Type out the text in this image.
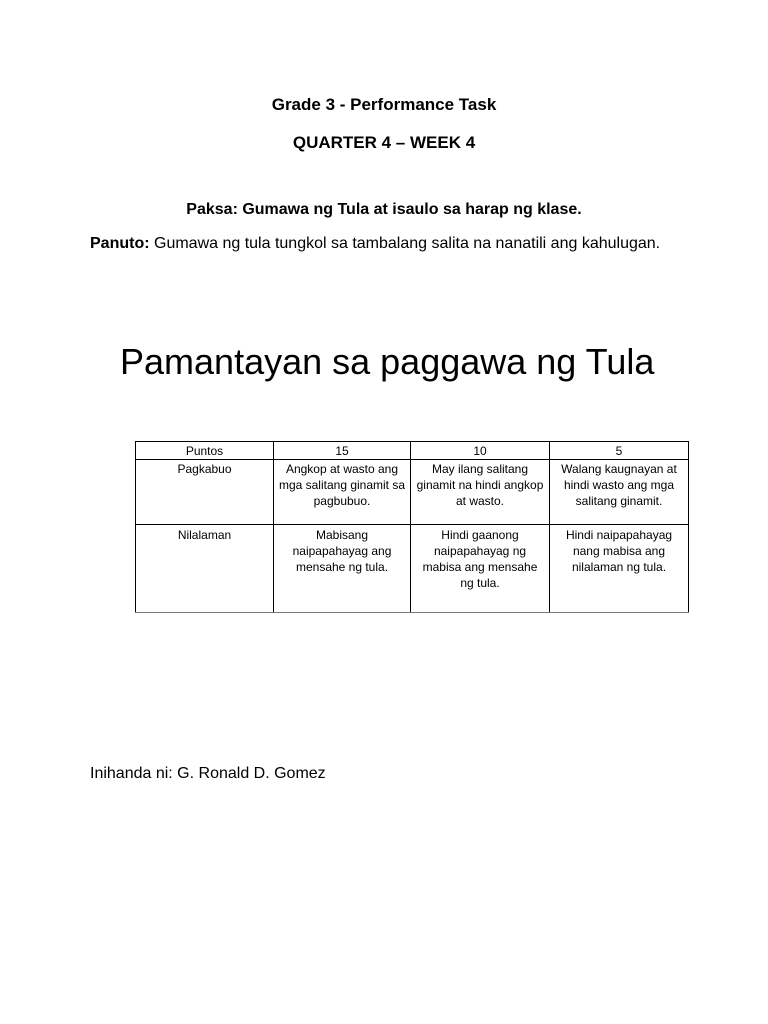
Grade 3 - Performance Task
QUARTER 4 – WEEK 4
Paksa: Gumawa ng Tula at isaulo sa harap ng klase.
Panuto: Gumawa ng tula tungkol sa tambalang salita na nanatili ang kahulugan.
Pamantayan sa paggawa ng Tula
Puntos	15	10	5
Pagkabuo	Angkop at wasto ang mga salitang ginamit sa pagbubuo.	May ilang salitang ginamit na hindi angkop at wasto.	Walang kaugnayan at hindi wasto ang mga salitang ginamit.
Nilalaman	Mabisang naipapahayag ang mensahe ng tula.	Hindi gaanong naipapahayag ng mabisa ang mensahe ng tula.	Hindi naipapahayag nang mabisa ang nilalaman ng tula.

Inihanda ni: G. Ronald D. Gomez
